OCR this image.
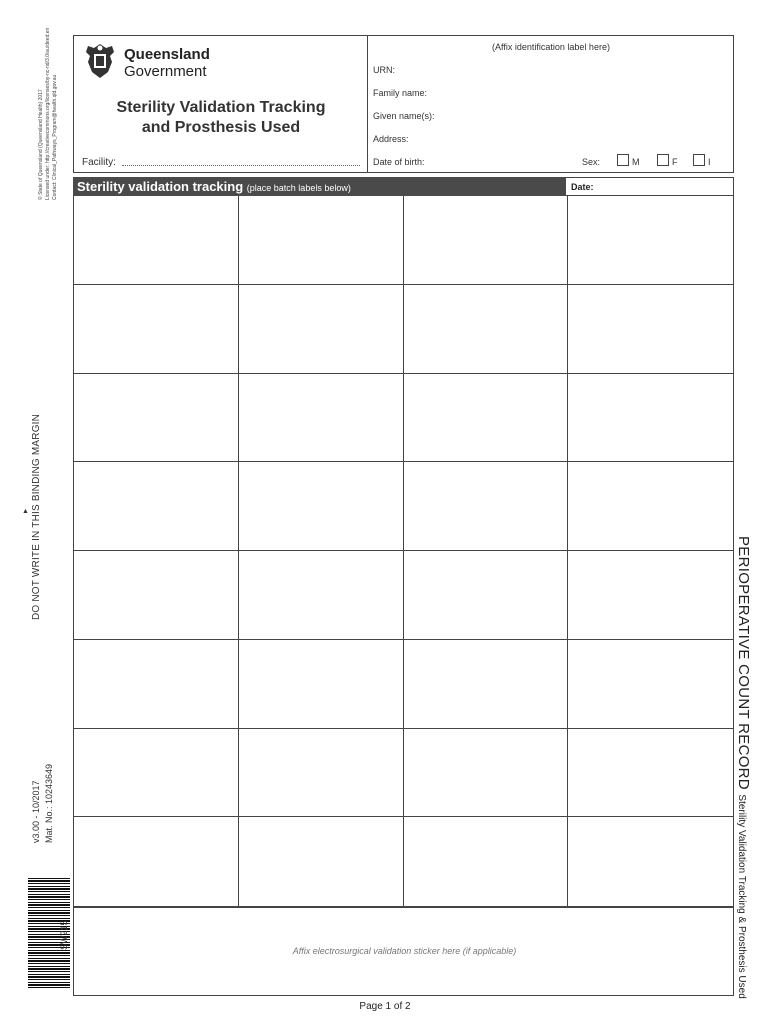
© State of Queensland (Queensland Health) 2017 Licensed under: http://creativecommons.org/licenses/by-nc-nd/3.0/au/deed.en Contact: Clinical_Pathways_Program@health.qld.gov.au
DO NOT WRITE IN THIS BINDING MARGIN
▲
v3.00 - 10/2017 Mat. No.: 10243649
SW215
Queensland
Government
Sterility Validation Tracking
and Prosthesis Used
Facility:
(Affix identification label here)
URN:
Family name:
Given name(s):
Address:
Date of birth:	Sex:	M	F	I
Sterility validation tracking (place batch labels below)	Date:
Affix electrosurgical validation sticker here (if applicable)
Page 1 of 2
PERIOPERATIVE COUNT RECORD Sterility Validation Tracking & Prosthesis Used
